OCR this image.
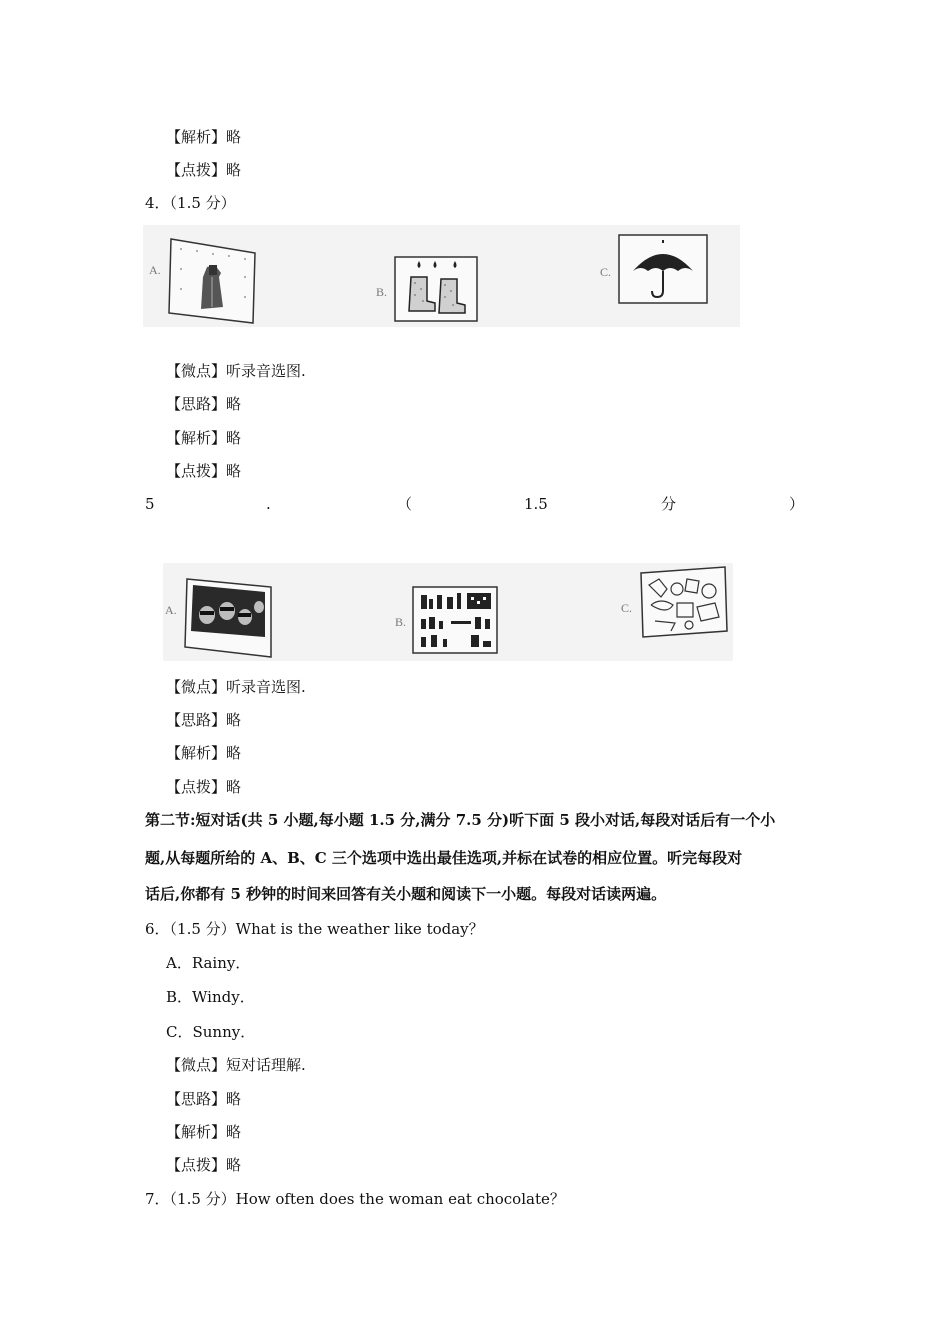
【解析】略
【点拨】略
4．（1.5 分）
A.
B.
C.
【微点】听录音选图.
【思路】略
【解析】略
【点拨】略
5	.	（	1.5	分	）
A.
B.
C.
【微点】听录音选图.
【思路】略
【解析】略
【点拨】略
第二节:短对话(共 5 小题,每小题 1.5 分,满分 7.5 分)听下面 5 段小对话,每段对话后有一个小
题,从每题所给的 A、B、C 三个选项中选出最佳选项,并标在试卷的相应位置。听完每段对
话后,你都有 5 秒钟的时间来回答有关小题和阅读下一小题。每段对话读两遍。
6．（1.5 分）What is the weather like today？
A．Rainy．
B．Windy．
C．Sunny．
【微点】短对话理解.
【思路】略
【解析】略
【点拨】略
7．（1.5 分）How often does the woman eat chocolate？
